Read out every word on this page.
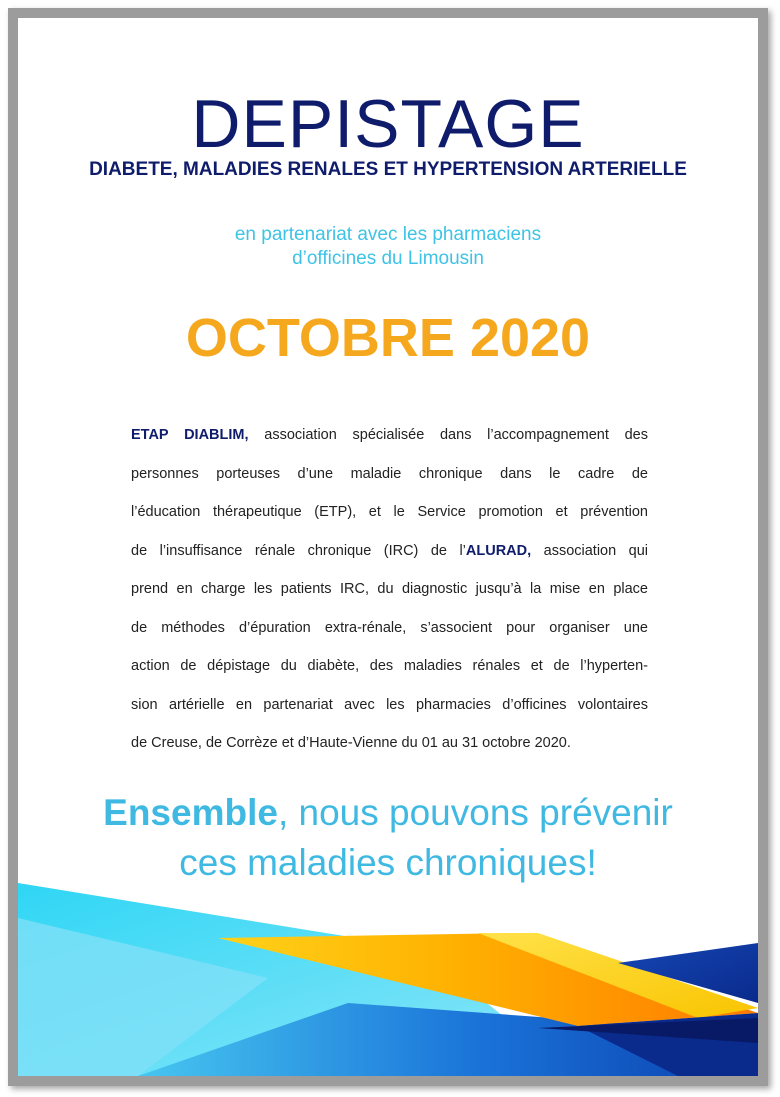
DEPISTAGE
DIABETE, MALADIES RENALES ET HYPERTENSION ARTERIELLE
en partenariat avec les pharmaciens
d’officines du Limousin
OCTOBRE 2020
ETAP DIABLIM, association spécialisée dans l’accompagnement des
personnes porteuses d’une maladie chronique dans le cadre de
l’éducation thérapeutique (ETP), et le Service promotion et prévention
de l’insuffisance rénale chronique (IRC) de l’ALURAD, association qui
prend en charge les patients IRC, du diagnostic jusqu’à la mise en place
de méthodes d’épuration extra-rénale, s’associent pour organiser une
action de dépistage du diabète, des maladies rénales et de l’hyperten-
sion artérielle en partenariat avec les pharmacies d’officines volontaires
de Creuse, de Corrèze et d’Haute-Vienne du 01 au 31 octobre 2020.
Ensemble, nous pouvons prévenir
ces maladies chroniques!
